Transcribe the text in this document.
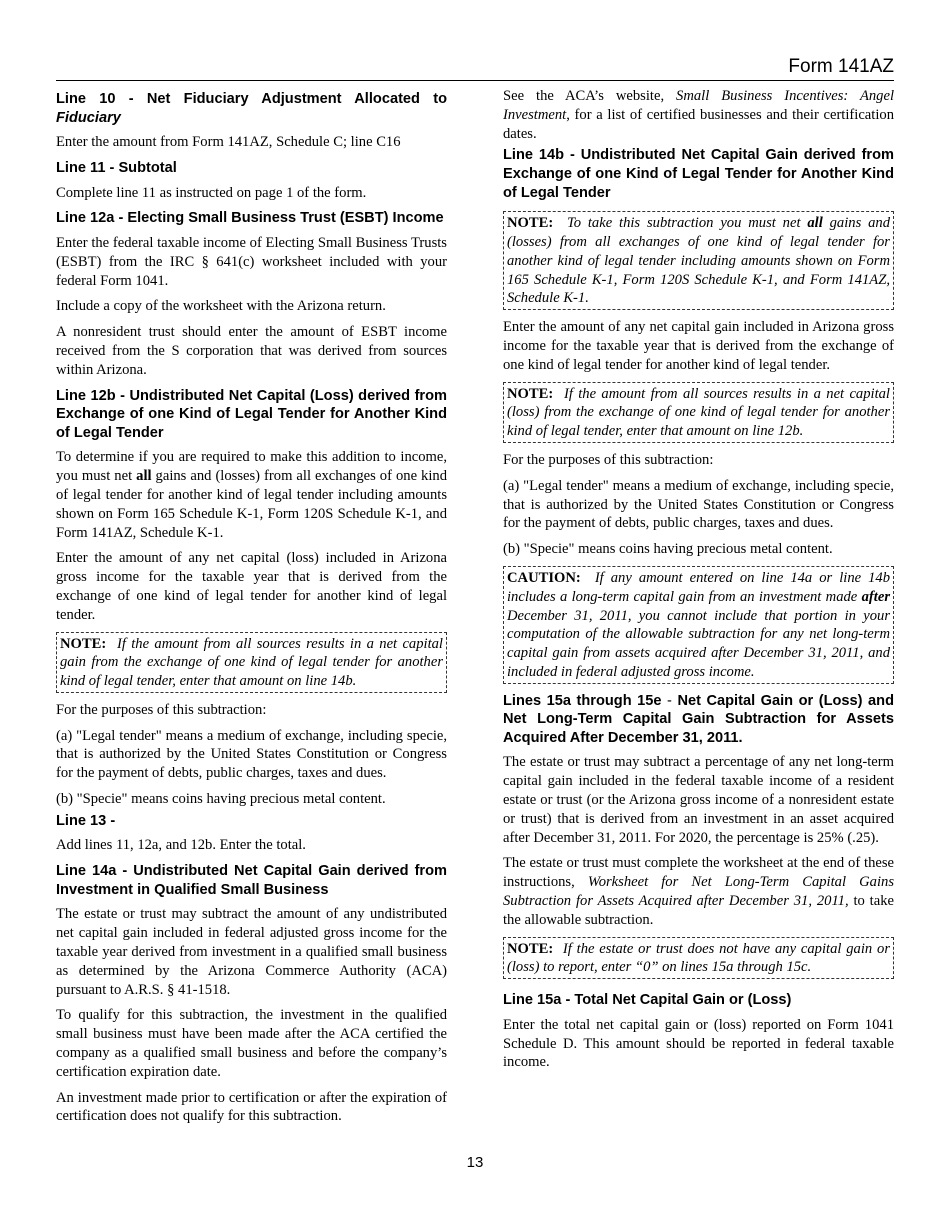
Form 141AZ
Line 10 - Net Fiduciary Adjustment Allocated to Fiduciary

Enter the amount from Form 141AZ, Schedule C; line C16

Line 11 - Subtotal

Complete line 11 as instructed on page 1 of the form.

Line 12a - Electing Small Business Trust (ESBT) Income

Enter the federal taxable income of Electing Small Business Trusts (ESBT) from the IRC § 641(c) worksheet included with your federal Form 1041.

Include a copy of the worksheet with the Arizona return.

A nonresident trust should enter the amount of ESBT income received from the S corporation that was derived from sources within Arizona.

Line 12b - Undistributed Net Capital (Loss) derived from Exchange of one Kind of Legal Tender for Another Kind of Legal Tender

To determine if you are required to make this addition to income, you must net all gains and (losses) from all exchanges of one kind of legal tender for another kind of legal tender including amounts shown on Form 165 Schedule K-1, Form 120S Schedule K-1, and Form 141AZ, Schedule K-1.

Enter the amount of any net capital (loss) included in Arizona gross income for the taxable year that is derived from the exchange of one kind of legal tender for another kind of legal tender.

NOTE: If the amount from all sources results in a net capital gain from the exchange of one kind of legal tender for another kind of legal tender, enter that amount on line 14b.

For the purposes of this subtraction:

(a) "Legal tender" means a medium of exchange, including specie, that is authorized by the United States Constitution or Congress for the payment of debts, public charges, taxes and dues.

(b) "Specie" means coins having precious metal content.

Line 13 -

Add lines 11, 12a, and 12b. Enter the total.

Line 14a - Undistributed Net Capital Gain derived from Investment in Qualified Small Business

The estate or trust may subtract the amount of any undistributed net capital gain included in federal adjusted gross income for the taxable year derived from investment in a qualified small business as determined by the Arizona Commerce Authority (ACA) pursuant to A.R.S. § 41-1518.

To qualify for this subtraction, the investment in the qualified small business must have been made after the ACA certified the company as a qualified small business and before the company’s certification expiration date.

An investment made prior to certification or after the expiration of certification does not qualify for this subtraction.

See the ACA’s website, Small Business Incentives: Angel Investment, for a list of certified businesses and their certification dates.

Line 14b - Undistributed Net Capital Gain derived from Exchange of one Kind of Legal Tender for Another Kind of Legal Tender
NOTE: To take this subtraction you must net all gains and (losses) from all exchanges of one kind of legal tender for another kind of legal tender including amounts shown on Form 165 Schedule K-1, Form 120S Schedule K-1, and Form 141AZ, Schedule K-1.

Enter the amount of any net capital gain included in Arizona gross income for the taxable year that is derived from the exchange of one kind of legal tender for another kind of legal tender.

NOTE: If the amount from all sources results in a net capital (loss) from the exchange of one kind of legal tender for another kind of legal tender, enter that amount on line 12b.

For the purposes of this subtraction:

(a) "Legal tender" means a medium of exchange, including specie, that is authorized by the United States Constitution or Congress for the payment of debts, public charges, taxes and dues.

(b) "Specie" means coins having precious metal content.

CAUTION: If any amount entered on line 14a or line 14b includes a long-term capital gain from an investment made after December 31, 2011, you cannot include that portion in your computation of the allowable subtraction for any net long-term capital gain from assets acquired after December 31, 2011, and included in federal adjusted gross income.
Lines 15a through 15e - Net Capital Gain or (Loss) and Net Long-Term Capital Gain Subtraction for Assets Acquired After December 31, 2011.

The estate or trust may subtract a percentage of any net long-term capital gain included in the federal taxable income of a resident estate or trust (or the Arizona gross income of a nonresident estate or trust) that is derived from an investment in an asset acquired after December 31, 2011. For 2020, the percentage is 25% (.25).

The estate or trust must complete the worksheet at the end of these instructions, Worksheet for Net Long-Term Capital Gains Subtraction for Assets Acquired after December 31, 2011, to take the allowable subtraction.

NOTE: If the estate or trust does not have any capital gain or (loss) to report, enter “0” on lines 15a through 15c.
Line 15a - Total Net Capital Gain or (Loss)

Enter the total net capital gain or (loss) reported on Form 1041 Schedule D. This amount should be reported in federal taxable income.

13
